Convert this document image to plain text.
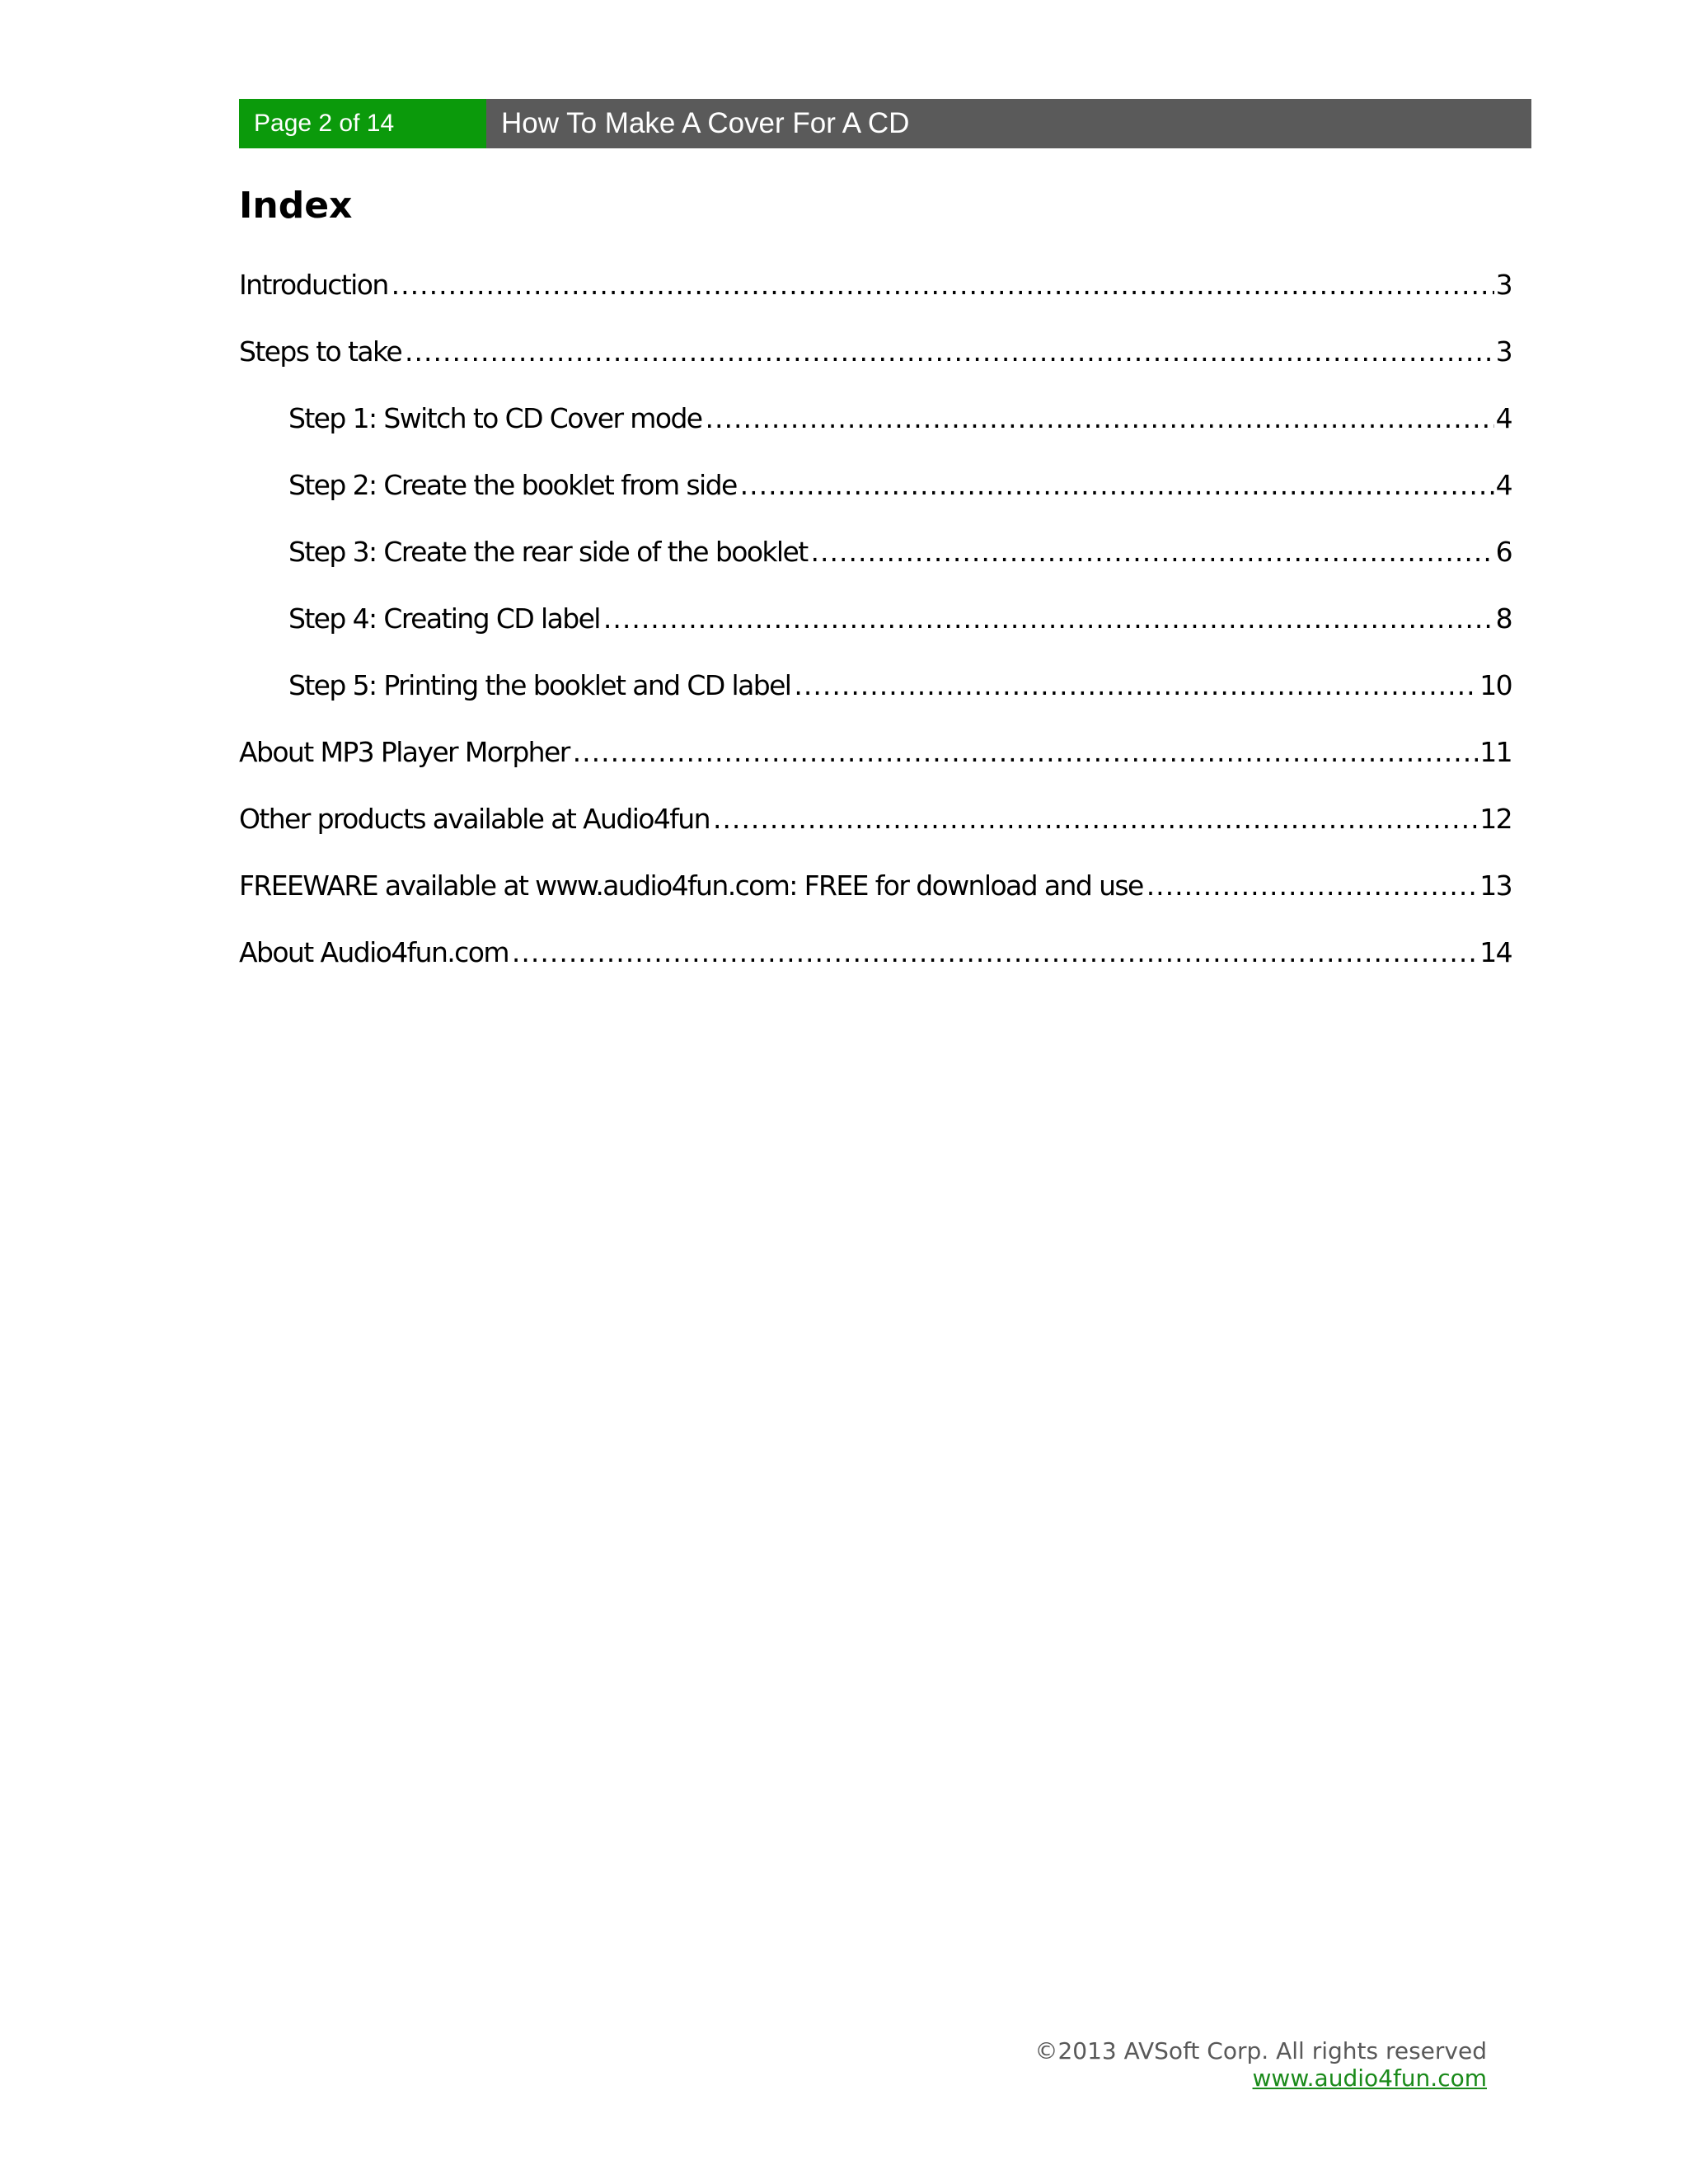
Page 2 of 14	How To Make A Cover For A CD
Index
Introduction .....	3
Steps to take .....	3
Step 1: Switch to CD Cover mode .....	4
Step 2: Create the booklet from side .....	4
Step 3: Create the rear side of the booklet .....	6
Step 4: Creating CD label .....	8
Step 5: Printing the booklet and CD label .....	10
About MP3 Player Morpher .....	11
Other products available at Audio4fun .....	12
FREEWARE available at www.audio4fun.com: FREE for download and use .....	13
About Audio4fun.com .....	14
©2013 AVSoft Corp. All rights reserved
www.audio4fun.com
